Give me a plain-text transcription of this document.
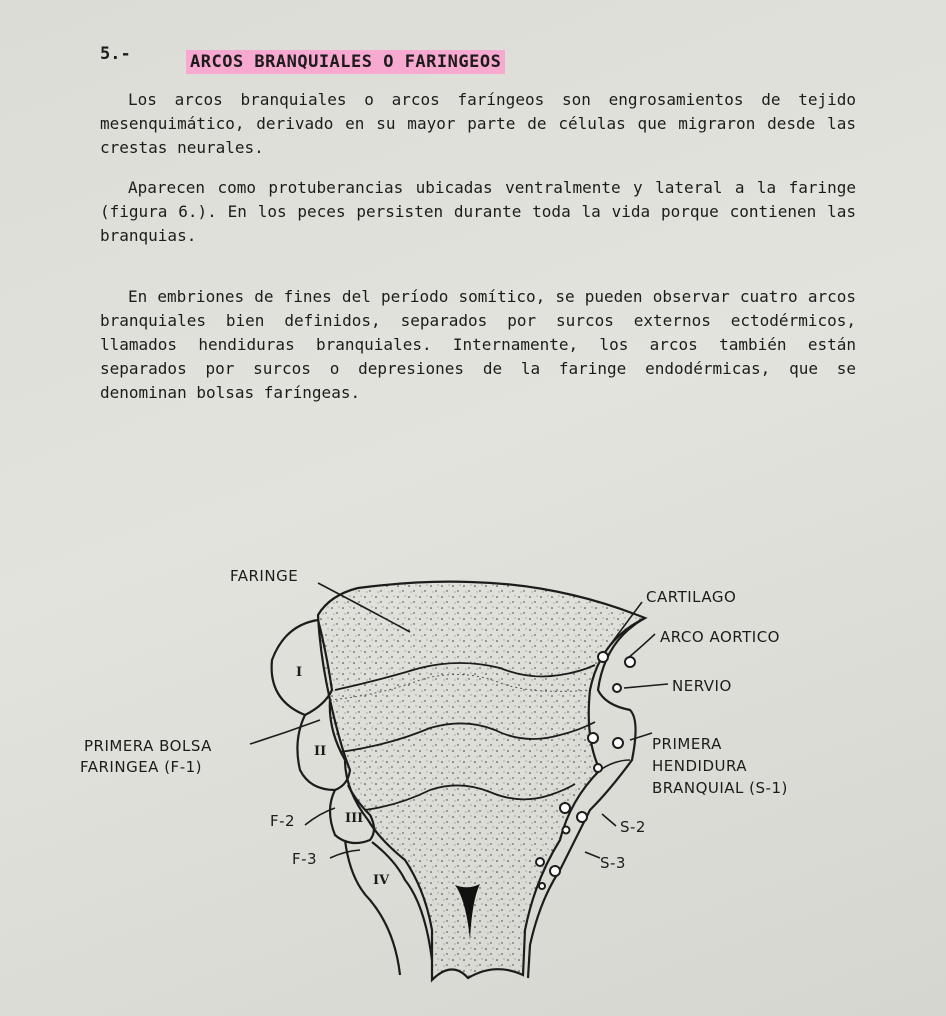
5.-	ARCOS BRANQUIALES O FARINGEOS

Los arcos branquiales o arcos faríngeos son engrosamientos de tejido mesenquimático, derivado en su mayor parte de células que migraron desde las crestas neurales.

Aparecen como protuberancias ubicadas ventralmente y lateral a la faringe (figura 6.). En los peces persisten durante toda la vida porque contienen las branquias.

En embriones de fines del período somítico, se pueden observar cuatro arcos branquiales bien definidos, separados por surcos externos ectodérmicos, llamados hendiduras branquiales. Internamente, los arcos también están separados por surcos o depresiones de la faringe endodérmicas, que se denominan bolsas faríngeas.

I
II
III
IV
FARINGE
CARTILAGO
ARCO AORTICO
NERVIO
PRIMERA BOLSA
FARINGEA (F-1)
PRIMERA
HENDIDURA
BRANQUIAL (S-1)
F-2
F-3
S-2
S-3
